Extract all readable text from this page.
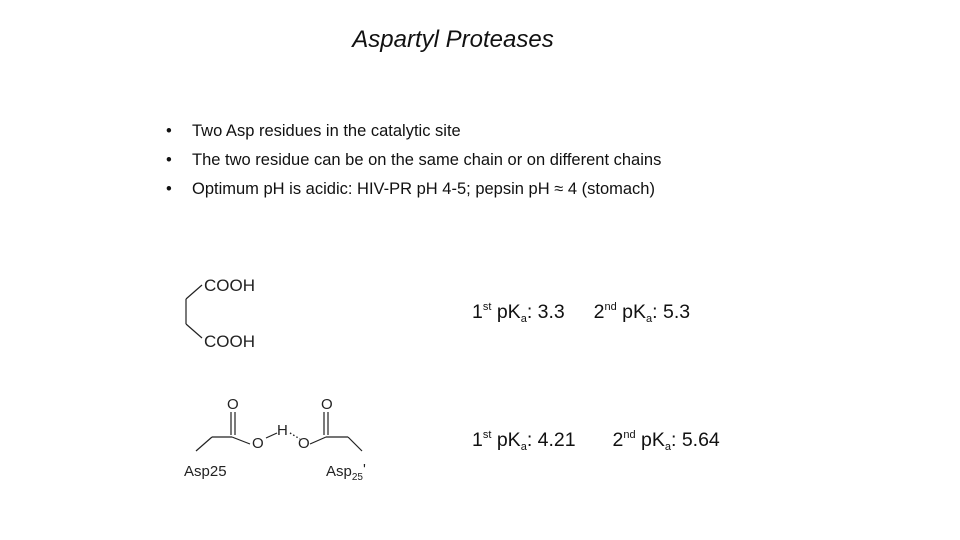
Aspartyl Proteases
• Two Asp residues in the catalytic site
• The two residue can be on the same chain or on different chains
• Optimum pH is acidic: HIV-PR pH 4-5; pepsin pH ≈ 4 (stomach)
COOH
COOH
O	O
O
H
O
Asp25	Asp$_{25}$'
1st $pK_a$: 3.3 2nd $pK_a$: 5.3
1st $pK_a$: 4.21 2nd $pK_a$: 5.64
